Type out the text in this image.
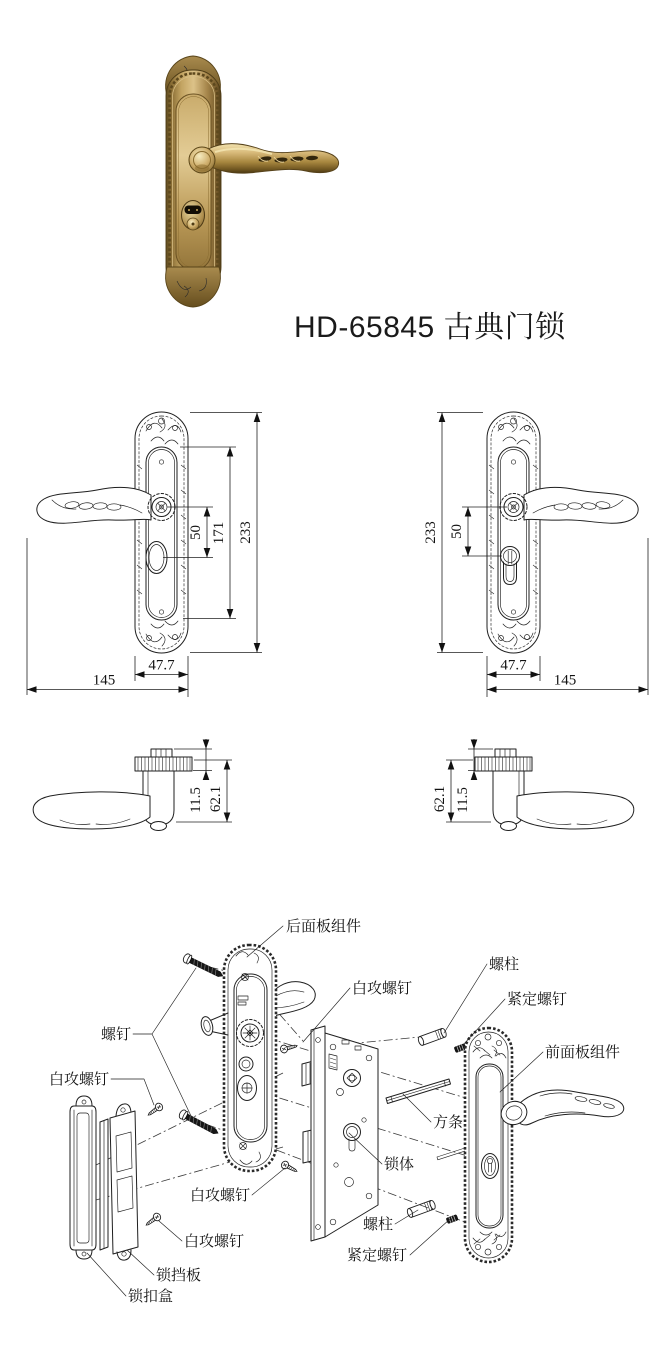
50 171 233
47.7
145
50
233
47.7
145
11.5 62.1	11.5
62.1
后面板组件
白攻螺钉
螺柱
紧定螺钉
螺钉
前面板组件
白攻螺钉
方条
锁体
白攻螺钉
螺柱
白攻螺钉
紧定螺钉
锁挡板
锁扣盒
HD-65845 古典门锁
